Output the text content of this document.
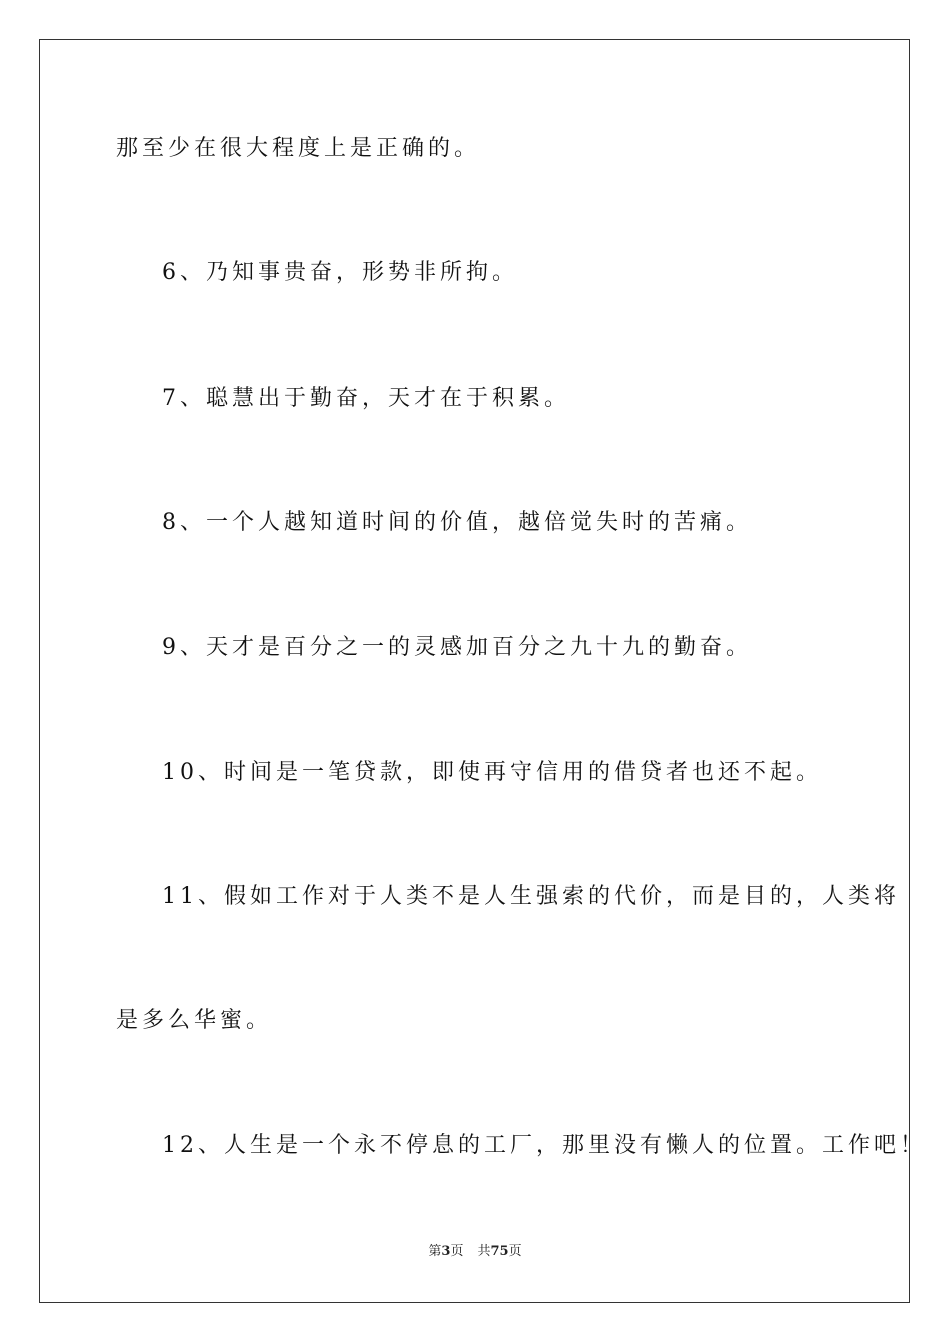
那至少在很大程度上是正确的。
6、乃知事贵奋，形势非所拘。
7、聪慧出于勤奋，天才在于积累。
8、一个人越知道时间的价值，越倍觉失时的苦痛。
9、天才是百分之一的灵感加百分之九十九的勤奋。
10、时间是一笔贷款，即使再守信用的借贷者也还不起。
11、假如工作对于人类不是人生强索的代价，而是目的，人类将
是多么华蜜。
12、人生是一个永不停息的工厂，那里没有懒人的位置。工作吧！
第3页 共75页
